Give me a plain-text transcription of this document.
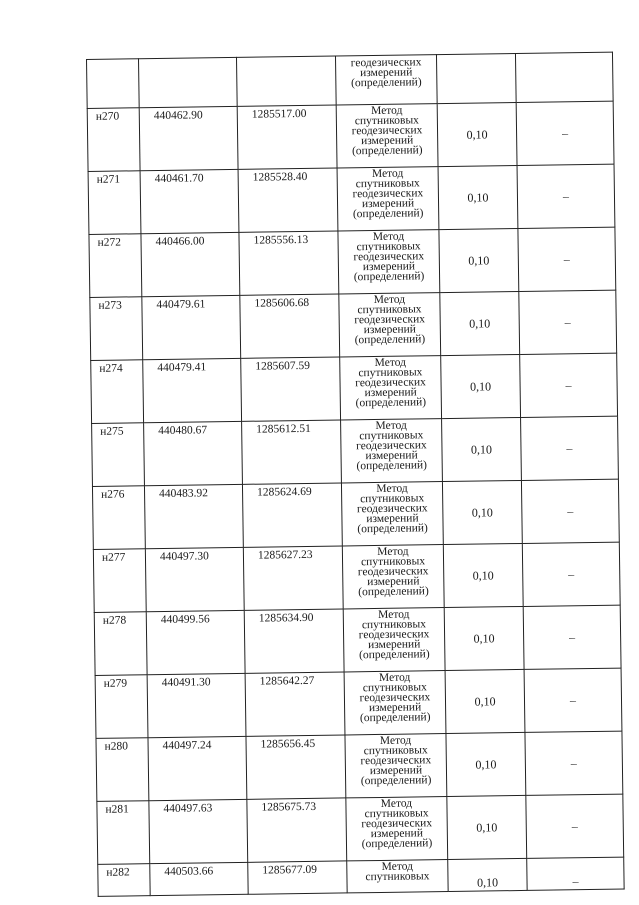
			геодезических
измерений
(определений)		

н270	440462.90	1285517.00	Метод
спутниковых
геодезических
измерений
(определений)	0,10	–
н271	440461.70	1285528.40	Метод
спутниковых
геодезических
измерений
(определений)	0,10	–
н272	440466.00	1285556.13	Метод
спутниковых
геодезических
измерений
(определений)	0,10	–
н273	440479.61	1285606.68	Метод
спутниковых
геодезических
измерений
(определений)	0,10	–
н274	440479.41	1285607.59	Метод
спутниковых
геодезических
измерений
(определений)	0,10	–
н275	440480.67	1285612.51	Метод
спутниковых
геодезических
измерений
(определений)	0,10	–
н276	440483.92	1285624.69	Метод
спутниковых
геодезических
измерений
(определений)	0,10	–
н277	440497.30	1285627.23	Метод
спутниковых
геодезических
измерений
(определений)	0,10	–
н278	440499.56	1285634.90	Метод
спутниковых
геодезических
измерений
(определений)	0,10	–
н279	440491.30	1285642.27	Метод
спутниковых
геодезических
измерений
(определений)	0,10	–
н280	440497.24	1285656.45	Метод
спутниковых
геодезических
измерений
(определений)	0,10	–
н281	440497.63	1285675.73	Метод
спутниковых
геодезических
измерений
(определений)	0,10	–
н282	440503.66	1285677.09	Метод
спутниковых	0,10	–
